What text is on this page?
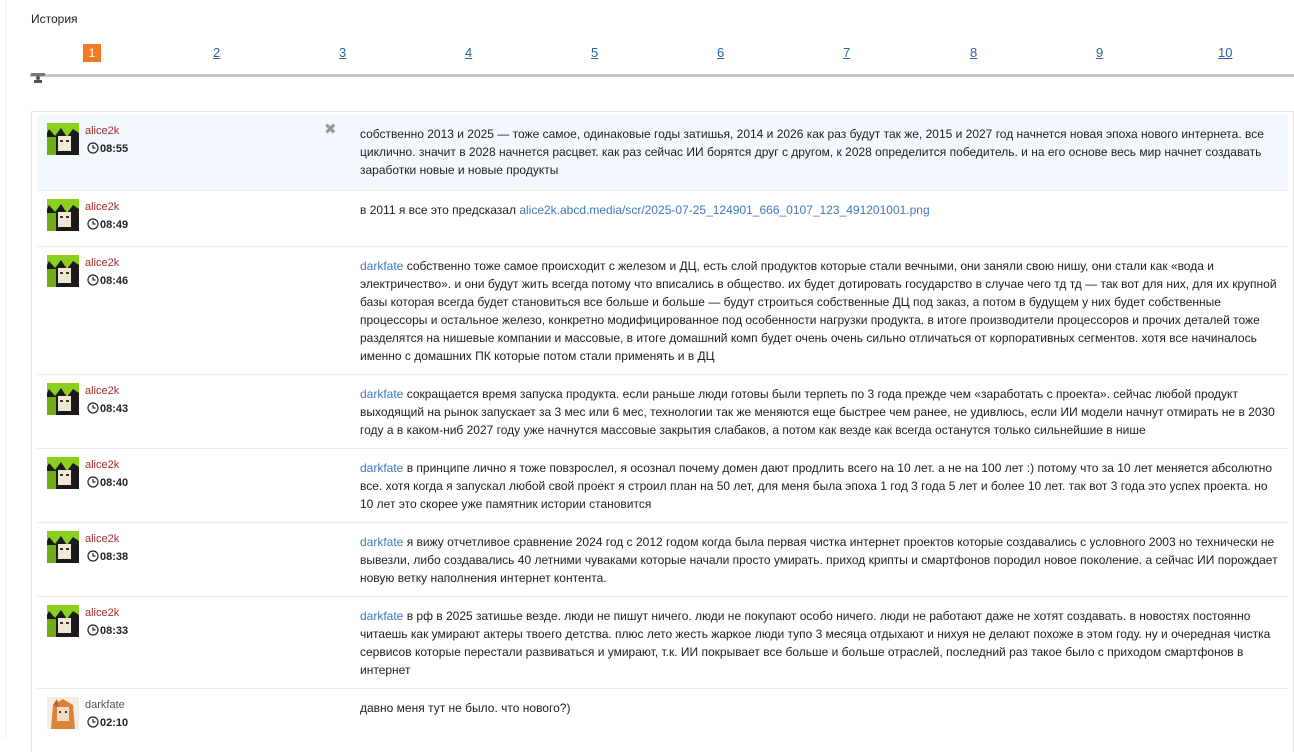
История
1	2	3	4	5	6	7	8	9	10
alice2k
08:55
✖ собственно 2013 и 2025 — тоже самое, одинаковые годы затишья, 2014 и 2026 как раз будут так же, 2015 и 2027 год начнется новая эпоха нового интернета. все циклично. значит в 2028 начнется расцвет. как раз сейчас ИИ борятся друг с другом, к 2028 определится победитель. и на его основе весь мир начнет создавать заработки новые и новые продукты
alice2k
08:49
в 2011 я все это предсказал alice2k.abcd.media/scr/2025-07-25_124901_666_0107_123_491201001.png
alice2k
08:46
darkfate собственно тоже самое происходит с железом и ДЦ, есть слой продуктов которые стали вечными, они заняли свою нишу, они стали как «вода и электричество». и они будут жить всегда потому что вписались в общество. их будет дотировать государство в случае чего тд тд — так вот для них, для их крупной базы которая всегда будет становиться все больше и больше — будут строиться собственные ДЦ под заказ, а потом в будущем у них будет собственные процессоры и остальное железо, конкретно модифицированное под особенности нагрузки продукта. в итоге производители процессоров и прочих деталей тоже разделятся на нишевые компании и массовые, в итоге домашний комп будет очень очень сильно отличаться от корпоративных сегментов. хотя все начиналось именно с домашних ПК которые потом стали применять и в ДЦ
alice2k
08:43
darkfate сокращается время запуска продукта. если раньше люди готовы были терпеть по 3 года прежде чем «заработать с проекта». сейчас любой продукт выходящий на рынок запускает за 3 мес или 6 мес, технологии так же меняются еще быстрее чем ранее, не удивлюсь, если ИИ модели начнут отмирать не в 2030 году а в каком-ниб 2027 году уже начнутся массовые закрытия слабаков, а потом как везде как всегда останутся только сильнейшие в нише
alice2k
08:40
darkfate в принципе лично я тоже повзрослел, я осознал почему домен дают продлить всего на 10 лет. а не на 100 лет :) потому что за 10 лет меняется абсолютно все. хотя когда я запускал любой свой проект я строил план на 50 лет, для меня была эпоха 1 год 3 года 5 лет и более 10 лет. так вот 3 года это успех проекта. но 10 лет это скорее уже памятник истории становится
alice2k
08:38
darkfate я вижу отчетливое сравнение 2024 год с 2012 годом когда была первая чистка интернет проектов которые создавались с условного 2003 но технически не вывезли, либо создавались 40 летними чуваками которые начали просто умирать. приход крипты и смартфонов породил новое поколение. а сейчас ИИ порождает новую ветку наполнения интернет контента.
alice2k
08:33
darkfate в рф в 2025 затишье везде. люди не пишут ничего. люди не покупают особо ничего. люди не работают даже не хотят создавать. в новостях постоянно читаешь как умирают актеры твоего детства. плюс лето жесть жаркое люди тупо 3 месяца отдыхают и нихуя не делают похоже в этом году. ну и очередная чистка сервисов которые перестали развиваться и умирают, т.к. ИИ покрывает все больше и больше отраслей, последний раз такое было с приходом смартфонов в интернет
darkfate
02:10
давно меня тут не было. что нового?)
